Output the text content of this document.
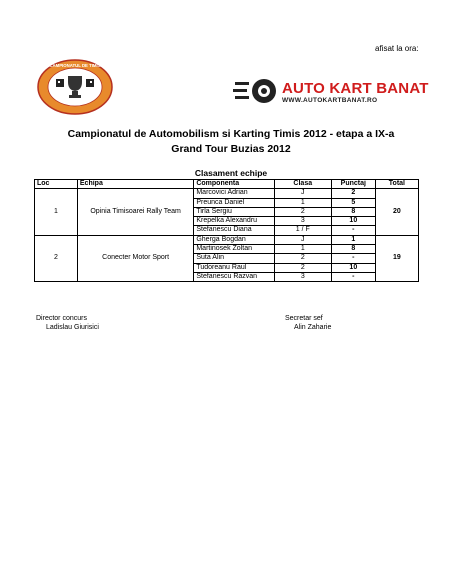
afisat la ora:
CAMPIONATUL DE TIMIS
AUTO KART BANAT
WWW.AUTOKARTBANAT.RO
Campionatul de Automobilism si Karting Timis 2012 - etapa a IX-a
Grand Tour Buzias 2012
Clasament echipe
Loc	Echipa	Componenta	Clasa	Punctaj	Total
1	Opinia Timisoarei Rally Team	Marcovici Adrian	J	2	20
		Preunca Daniel	1	5	
		Tirla Sergiu	2	8	
		Krepelka Alexandru	3	10	
		Stefanescu Diana	1 / F	-	
2	Conecter Motor Sport	Gherga Bogdan	J	1	19
		Martinosek Zoltan	1	8	
		Suta Alin	2	-	
		Tudoreanu Raul	2	10	
		Stefanescu Razvan	3	-	
Director concurs
Ladislau Giurisici
Secretar sef
Alin Zaharie
